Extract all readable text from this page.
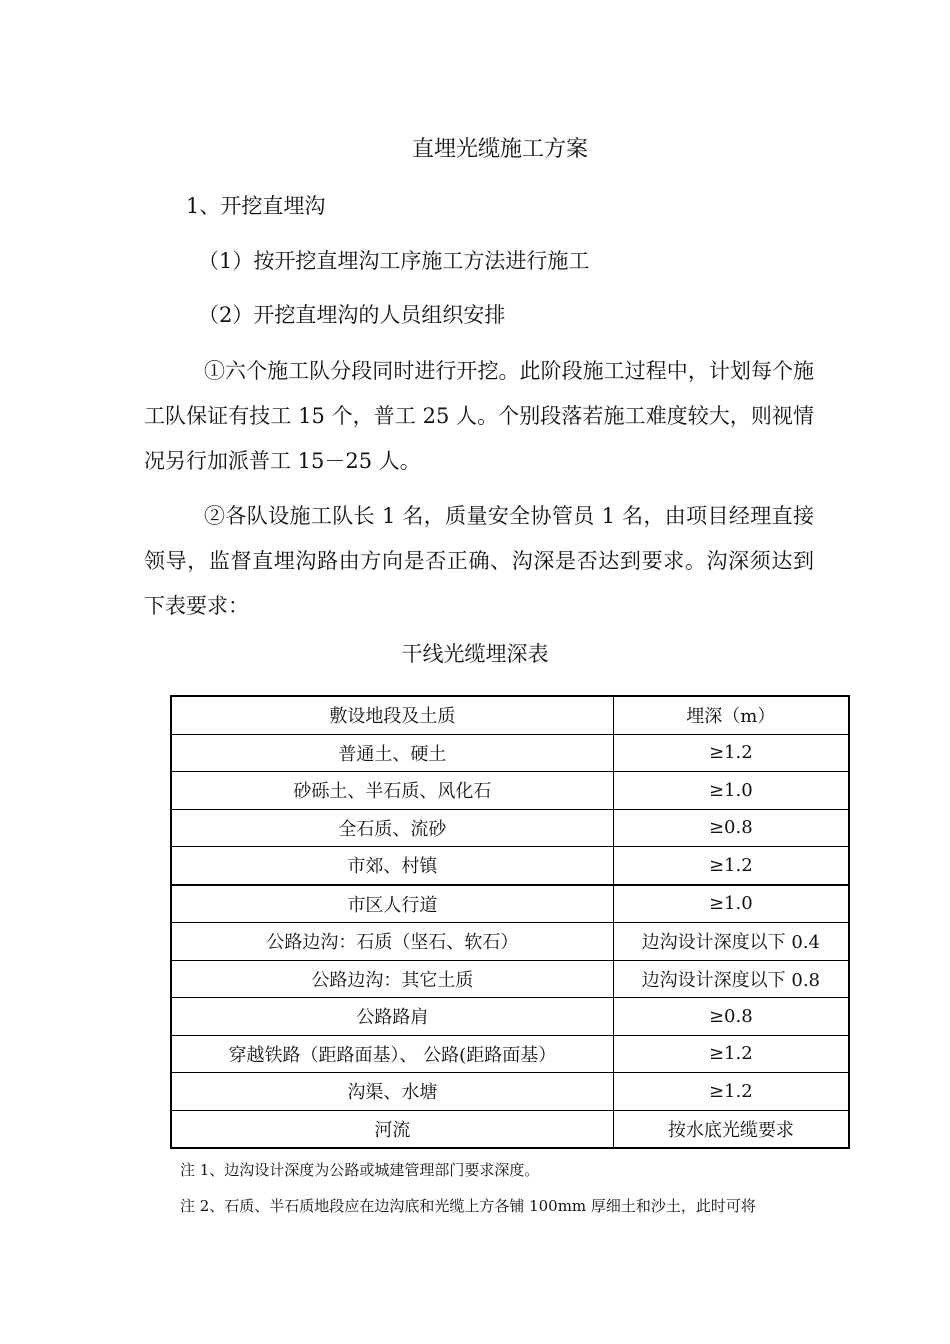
直埋光缆施工方案

1、开挖直埋沟

（1）按开挖直埋沟工序施工方法进行施工

（2）开挖直埋沟的人员组织安排

①六个施工队分段同时进行开挖。此阶段施工过程中，计划每个施工队保证有技工 15 个，普工 25 人。个别段落若施工难度较大，则视情况另行加派普工 15－25 人。

②各队设施工队长 1 名，质量安全协管员 1 名，由项目经理直接领导，监督直埋沟路由方向是否正确、沟深是否达到要求。沟深须达到下表要求：

干线光缆埋深表

敷设地段及土质	埋深（m）
普通土、硬土	≥1.2
砂砾土、半石质、风化石	≥1.0
全石质、流砂	≥0.8
市郊、村镇	≥1.2
市区人行道	≥1.0
公路边沟：石质（坚石、软石）	边沟设计深度以下 0.4
公路边沟：其它土质	边沟设计深度以下 0.8
公路路肩	≥0.8
穿越铁路（距路面基）、 公路(距路面基）	≥1.2
沟渠、水塘	≥1.2
河流	按水底光缆要求

注 1、边沟设计深度为公路或城建管理部门要求深度。

注 2、石质、半石质地段应在边沟底和光缆上方各铺 100mm 厚细土和沙土，此时可将
